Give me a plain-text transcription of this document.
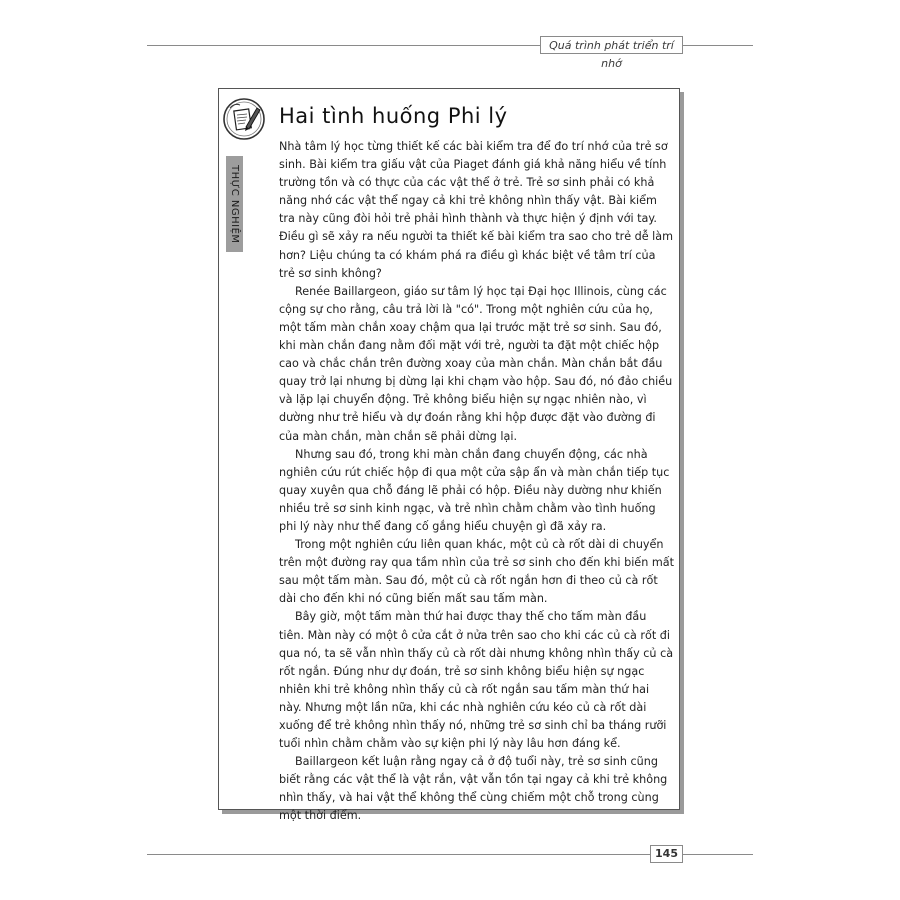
Quá trình phát triển trí nhớ
Hai tình huống Phi lý
THỰC NGHIỆM

Nhà tâm lý học từng thiết kế các bài kiểm tra để đo trí nhớ của trẻ sơ sinh. Bài kiểm tra giấu vật của Piaget đánh giá khả năng hiểu về tính trường tồn và có thực của các vật thể ở trẻ. Trẻ sơ sinh phải có khả năng nhớ các vật thể ngay cả khi trẻ không nhìn thấy vật. Bài kiểm tra này cũng đòi hỏi trẻ phải hình thành và thực hiện ý định với tay. Điều gì sẽ xảy ra nếu người ta thiết kế bài kiểm tra sao cho trẻ dễ làm hơn? Liệu chúng ta có khám phá ra điều gì khác biệt về tâm trí của trẻ sơ sinh không?

Renée Baillargeon, giáo sư tâm lý học tại Đại học Illinois, cùng các cộng sự cho rằng, câu trả lời là "có". Trong một nghiên cứu của họ, một tấm màn chắn xoay chậm qua lại trước mặt trẻ sơ sinh. Sau đó, khi màn chắn đang nằm đối mặt với trẻ, người ta đặt một chiếc hộp cao và chắc chắn trên đường xoay của màn chắn. Màn chắn bắt đầu quay trở lại nhưng bị dừng lại khi chạm vào hộp. Sau đó, nó đảo chiều và lặp lại chuyển động. Trẻ không biểu hiện sự ngạc nhiên nào, vì dường như trẻ hiểu và dự đoán rằng khi hộp được đặt vào đường đi của màn chắn, màn chắn sẽ phải dừng lại.

Nhưng sau đó, trong khi màn chắn đang chuyển động, các nhà nghiên cứu rút chiếc hộp đi qua một cửa sập ẩn và màn chắn tiếp tục quay xuyên qua chỗ đáng lẽ phải có hộp. Điều này dường như khiến nhiều trẻ sơ sinh kinh ngạc, và trẻ nhìn chằm chằm vào tình huống phi lý này như thể đang cố gắng hiểu chuyện gì đã xảy ra.

Trong một nghiên cứu liên quan khác, một củ cà rốt dài di chuyển trên một đường ray qua tầm nhìn của trẻ sơ sinh cho đến khi biến mất sau một tấm màn. Sau đó, một củ cà rốt ngắn hơn đi theo củ cà rốt dài cho đến khi nó cũng biến mất sau tấm màn.

Bây giờ, một tấm màn thứ hai được thay thế cho tấm màn đầu tiên. Màn này có một ô cửa cắt ở nửa trên sao cho khi các củ cà rốt đi qua nó, ta sẽ vẫn nhìn thấy củ cà rốt dài nhưng không nhìn thấy củ cà rốt ngắn. Đúng như dự đoán, trẻ sơ sinh không biểu hiện sự ngạc nhiên khi trẻ không nhìn thấy củ cà rốt ngắn sau tấm màn thứ hai này. Nhưng một lần nữa, khi các nhà nghiên cứu kéo củ cà rốt dài xuống để trẻ không nhìn thấy nó, những trẻ sơ sinh chỉ ba tháng rưỡi tuổi nhìn chằm chằm vào sự kiện phi lý này lâu hơn đáng kể.

Baillargeon kết luận rằng ngay cả ở độ tuổi này, trẻ sơ sinh cũng biết rằng các vật thể là vật rắn, vật vẫn tồn tại ngay cả khi trẻ không nhìn thấy, và hai vật thể không thể cùng chiếm một chỗ trong cùng một thời điểm.

145
